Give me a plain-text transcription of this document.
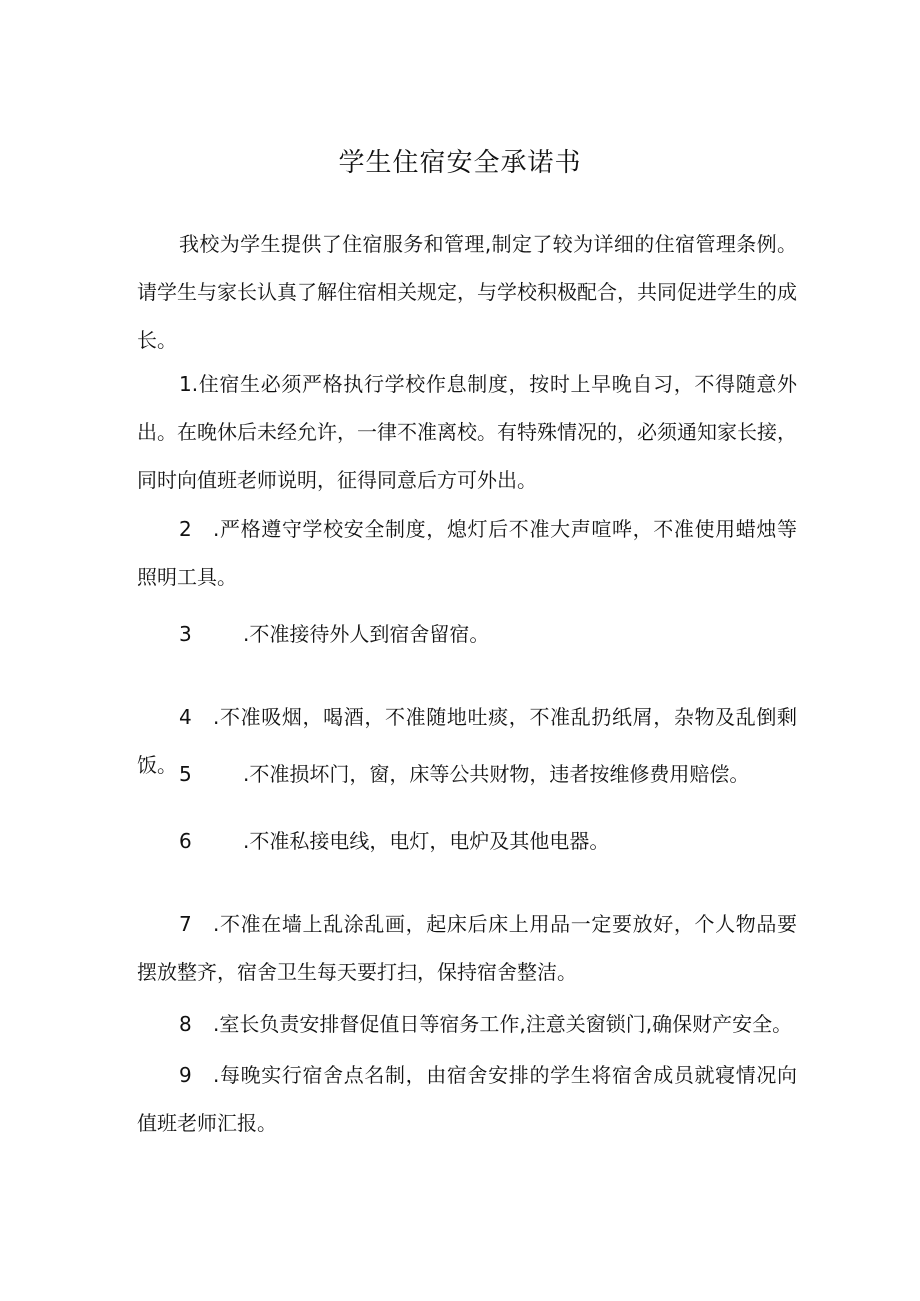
学生住宿安全承诺书
我校为学生提供了住宿服务和管理,制定了较为详细的住宿管理条例。请学生与家长认真了解住宿相关规定，与学校积极配合，共同促进学生的成长。
1.住宿生必须严格执行学校作息制度，按时上早晚自习，不得随意外出。在晚休后未经允许，一律不准离校。有特殊情况的，必须通知家长接，同时向值班老师说明，征得同意后方可外出。
2 .严格遵守学校安全制度，熄灯后不准大声喧哗，不准使用蜡烛等照明工具。
3	.不准接待外人到宿舍留宿。
4 .不准吸烟，喝酒，不准随地吐痰，不准乱扔纸屑，杂物及乱倒剩饭。 5	.不准损坏门，窗，床等公共财物，违者按维修费用赔偿。
6	.不准私接电线，电灯，电炉及其他电器。
7 .不准在墙上乱涂乱画，起床后床上用品一定要放好，个人物品要摆放整齐，宿舍卫生每天要打扫，保持宿舍整洁。
8 .室长负责安排督促值日等宿务工作,注意关窗锁门,确保财产安全。
9 .每晚实行宿舍点名制，由宿舍安排的学生将宿舍成员就寝情况向值班老师汇报。
